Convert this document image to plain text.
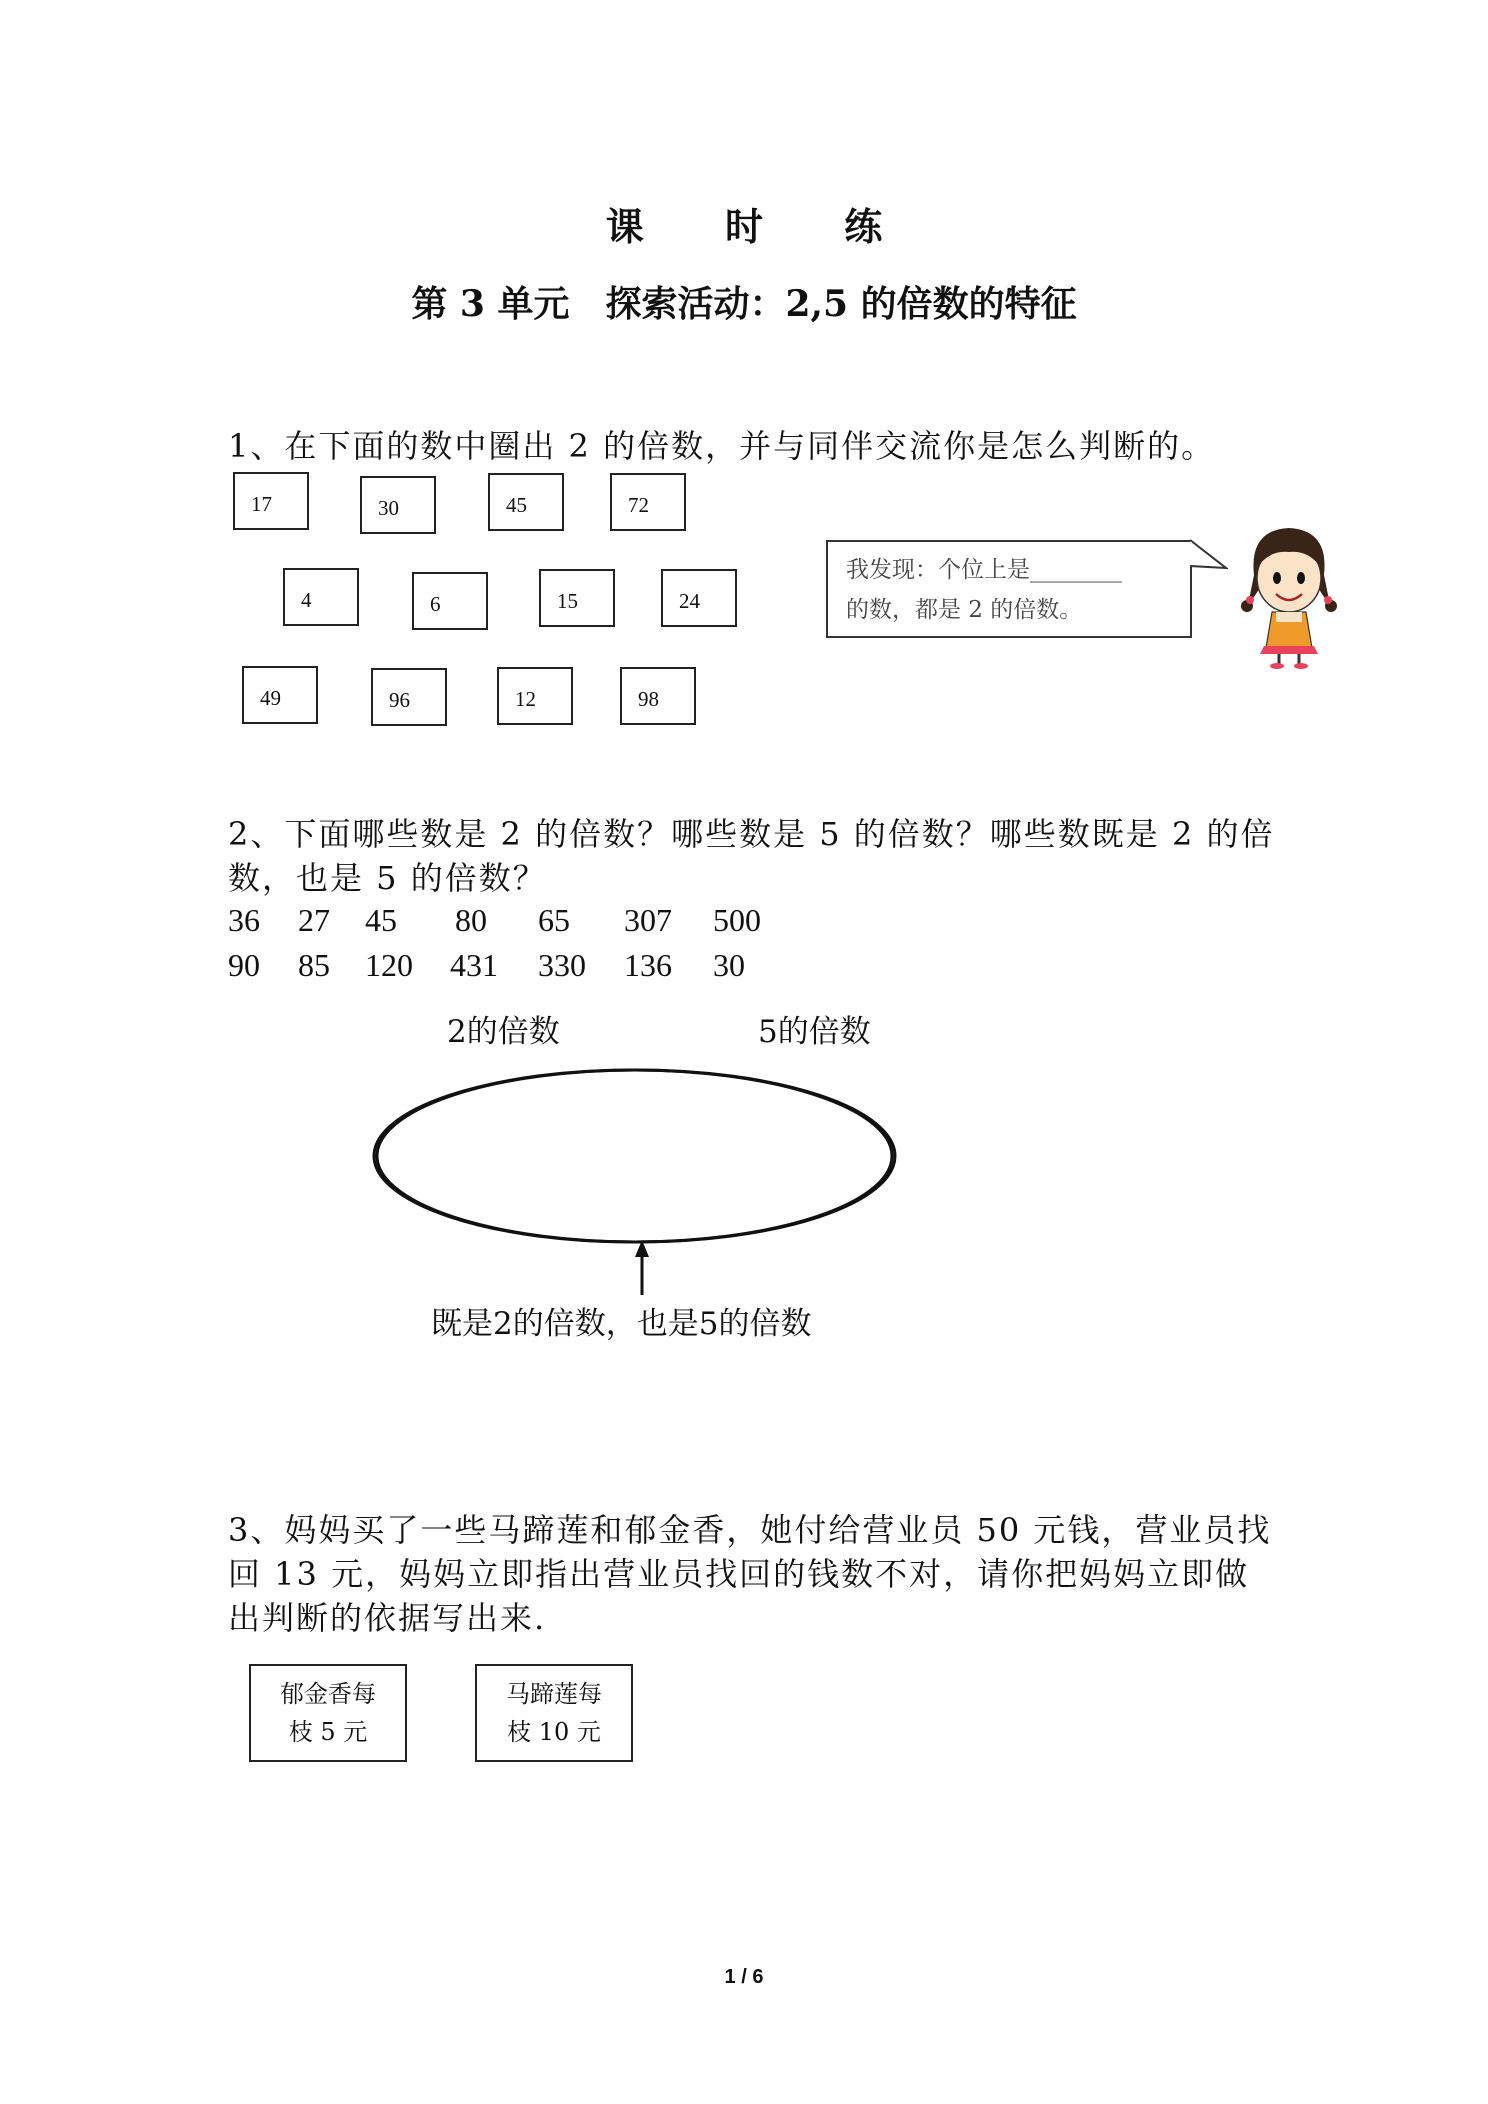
课 时 练
第 3 单元　探索活动：2,5 的倍数的特征
1、在下面的数中圈出 2 的倍数，并与同伴交流你是怎么判断的。
17	30	45	72
4	6	15	24
49	96	12	98
我发现：个位上是________
的数，都是 2 的倍数。
2、下面哪些数是 2 的倍数？哪些数是 5 的倍数？哪些数既是 2 的倍
数，也是 5 的倍数？
36 27 45 80 65 307 500
90 85 120 431 330 136 30
2的倍数	5的倍数
既是2的倍数，也是5的倍数
3、妈妈买了一些马蹄莲和郁金香，她付给营业员 50 元钱，营业员找
回 13 元，妈妈立即指出营业员找回的钱数不对，请你把妈妈立即做
出判断的依据写出来.
郁金香每
枝 5 元
马蹄莲每
枝 10 元
1 / 6
